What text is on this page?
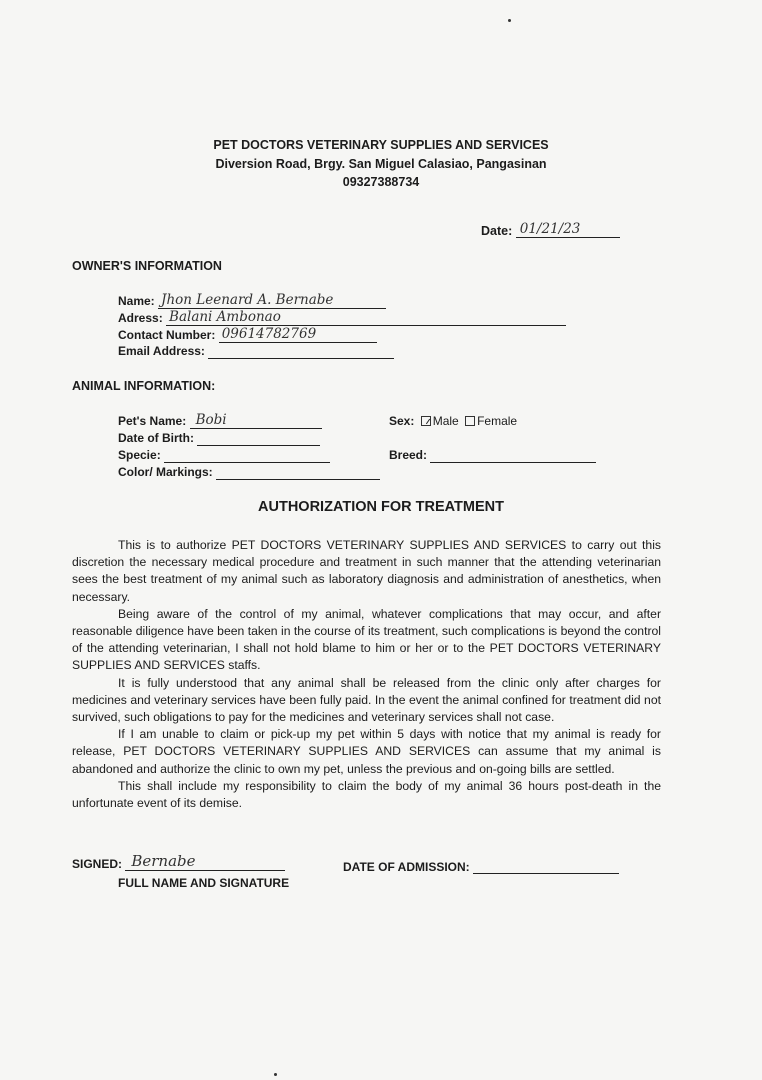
PET DOCTORS VETERINARY SUPPLIES AND SERVICES
Diversion Road, Brgy. San Miguel Calasiao, Pangasinan
09327388734
Date: 01/21/23
OWNER'S INFORMATION
Name: Jhon Leenard A. Bernabe
Adress: Balani Ambonao
Contact Number: 09614782769
Email Address:
ANIMAL INFORMATION:
Pet's Name: Bobi
Date of Birth:
Specie:
Color/ Markings:
Sex: Male Female
Breed:
AUTHORIZATION FOR TREATMENT

This is to authorize PET DOCTORS VETERINARY SUPPLIES AND SERVICES to carry out this discretion the necessary medical procedure and treatment in such manner that the attending veterinarian sees the best treatment of my animal such as laboratory diagnosis and administration of anesthetics, when necessary.

Being aware of the control of my animal, whatever complications that may occur, and after reasonable diligence have been taken in the course of its treatment, such complications is beyond the control of the attending veterinarian, I shall not hold blame to him or her or to the PET DOCTORS VETERINARY SUPPLIES AND SERVICES staffs.

It is fully understood that any animal shall be released from the clinic only after charges for medicines and veterinary services have been fully paid. In the event the animal confined for treatment did not survived, such obligations to pay for the medicines and veterinary services shall not case.

If I am unable to claim or pick-up my pet within 5 days with notice that my animal is ready for release, PET DOCTORS VETERINARY SUPPLIES AND SERVICES can assume that my animal is abandoned and authorize the clinic to own my pet, unless the previous and on-going bills are settled.

This shall include my responsibility to claim the body of my animal 36 hours post-death in the unfortunate event of its demise.

SIGNED: Bernabe
FULL NAME AND SIGNATURE
DATE OF ADMISSION:
